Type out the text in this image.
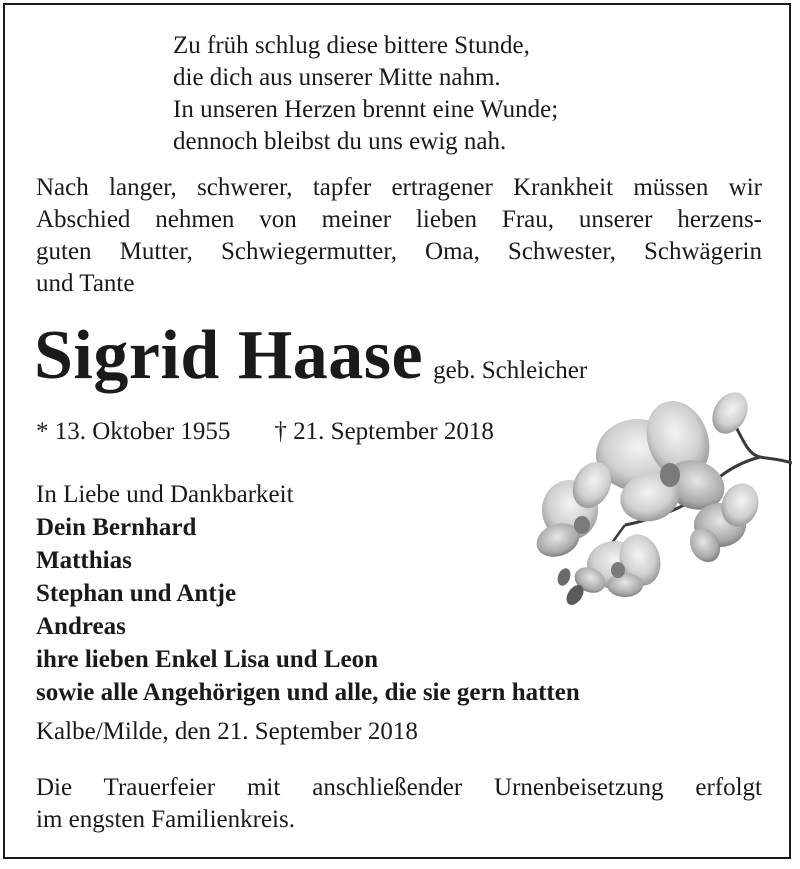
Zu früh schlug diese bittere Stunde,
die dich aus unserer Mitte nahm.
In unseren Herzen brennt eine Wunde;
dennoch bleibst du uns ewig nah.
Nach langer, schwerer, tapfer ertragener Krankheit müssen wir
Abschied nehmen von meiner lieben Frau, unserer herzens-
guten Mutter, Schwiegermutter, Oma, Schwester, Schwägerin
und Tante
Sigrid Haase geb. Schleicher
* 13. Oktober 1955 † 21. September 2018
In Liebe und Dankbarkeit
Dein Bernhard
Matthias
Stephan und Antje
Andreas
ihre lieben Enkel Lisa und Leon
sowie alle Angehörigen und alle, die sie gern hatten
Kalbe/Milde, den 21. September 2018
Die Trauerfeier mit anschließender Urnenbeisetzung erfolgt
im engsten Familienkreis.
